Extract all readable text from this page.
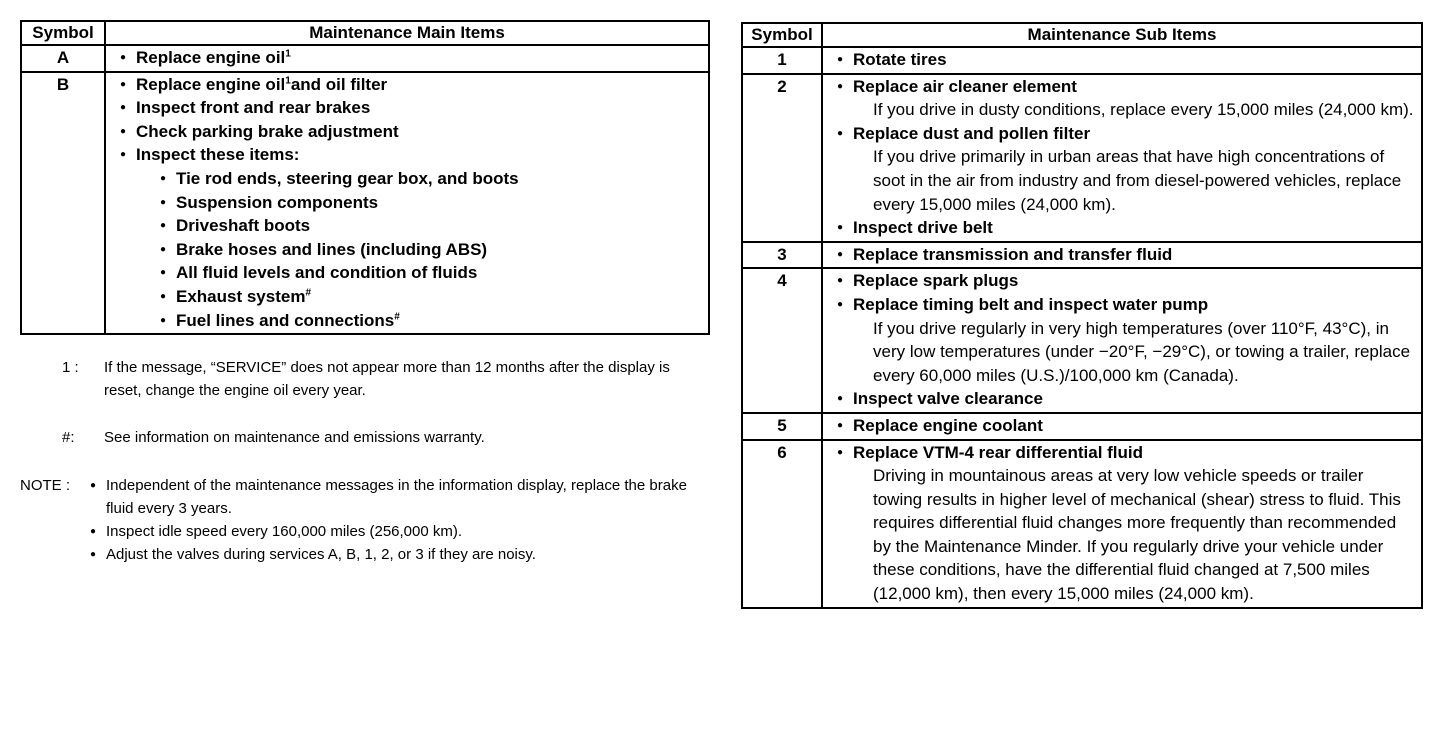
Symbol	Maintenance Main Items
A	● Replace engine oil$^1$
B	● Replace engine oil$^1$and oil filter
● Inspect front and rear brakes
● Check parking brake adjustment
● Inspect these items:
● Tie rod ends, steering gear box, and boots
● Suspension components
● Driveshaft boots
● Brake hoses and lines (including ABS)
● All fluid levels and condition of fluids
● Exhaust system#
● Fuel lines and connections#
1 : If the message, “SERVICE” does not appear more than 12 months after the display is reset, change the engine oil every year.
#: See information on maintenance and emissions warranty.
NOTE : ● Independent of the maintenance messages in the information display, replace the brake fluid every 3 years.
● Inspect idle speed every 160,000 miles (256,000 km).
● Adjust the valves during services A, B, 1, 2, or 3 if they are noisy.
Symbol	Maintenance Sub Items
1	● Rotate tires
2	● Replace air cleaner element
If you drive in dusty conditions, replace every 15,000 miles (24,000 km).
● Replace dust and pollen filter
If you drive primarily in urban areas that have high concentrations of soot in the air from industry and from diesel-powered vehicles, replace every 15,000 miles (24,000 km).
● Inspect drive belt
3	● Replace transmission and transfer fluid
4	● Replace spark plugs
● Replace timing belt and inspect water pump
If you drive regularly in very high temperatures (over 110°F, 43°C), in very low temperatures (under −20°F, −29°C), or towing a trailer, replace every 60,000 miles (U.S.)/100,000 km (Canada).
● Inspect valve clearance
5	● Replace engine coolant
6	● Replace VTM-4 rear differential fluid
Driving in mountainous areas at very low vehicle speeds or trailer towing results in higher level of mechanical (shear) stress to fluid. This requires differential fluid changes more frequently than recommended by the Maintenance Minder. If you regularly drive your vehicle under these conditions, have the differential fluid changed at 7,500 miles (12,000 km), then every 15,000 miles (24,000 km).
